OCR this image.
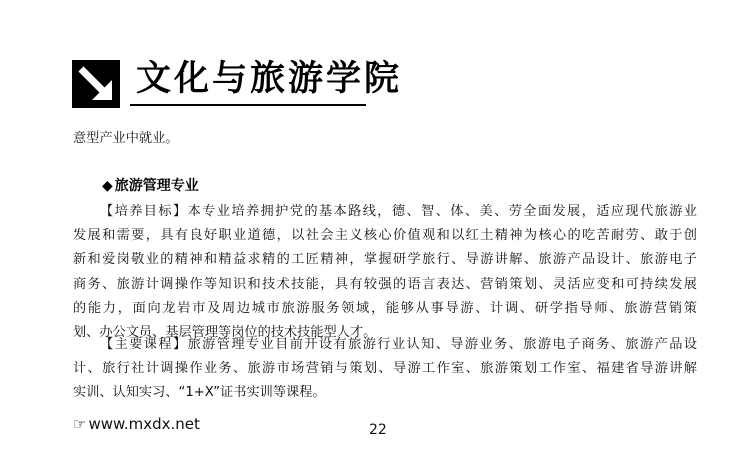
文化与旅游学院
意型产业中就业。
◆ 旅游管理专业
【培养目标】本专业培养拥护党的基本路线，德、智、体、美、劳全面发展，适应现代旅游业
发展和需要，具有良好职业道德，以社会主义核心价值观和以红土精神为核心的吃苦耐劳、敢于创
新和爱岗敬业的精神和精益求精的工匠精神，掌握研学旅行、导游讲解、旅游产品设计、旅游电子
商务、旅游计调操作等知识和技术技能，具有较强的语言表达、营销策划、灵活应变和可持续发展
的能力，面向龙岩市及周边城市旅游服务领域，能够从事导游、计调、研学指导师、旅游营销策
划、办公文员、基层管理等岗位的技术技能型人才。
【主要课程】旅游管理专业目前开设有旅游行业认知、导游业务、旅游电子商务、旅游产品设
计、旅行社计调操作业务、旅游市场营销与策划、导游工作室、旅游策划工作室、福建省导游讲解
实训、认知实习、“1+X”证书实训等课程。
☞ www.mxdx.net	22
